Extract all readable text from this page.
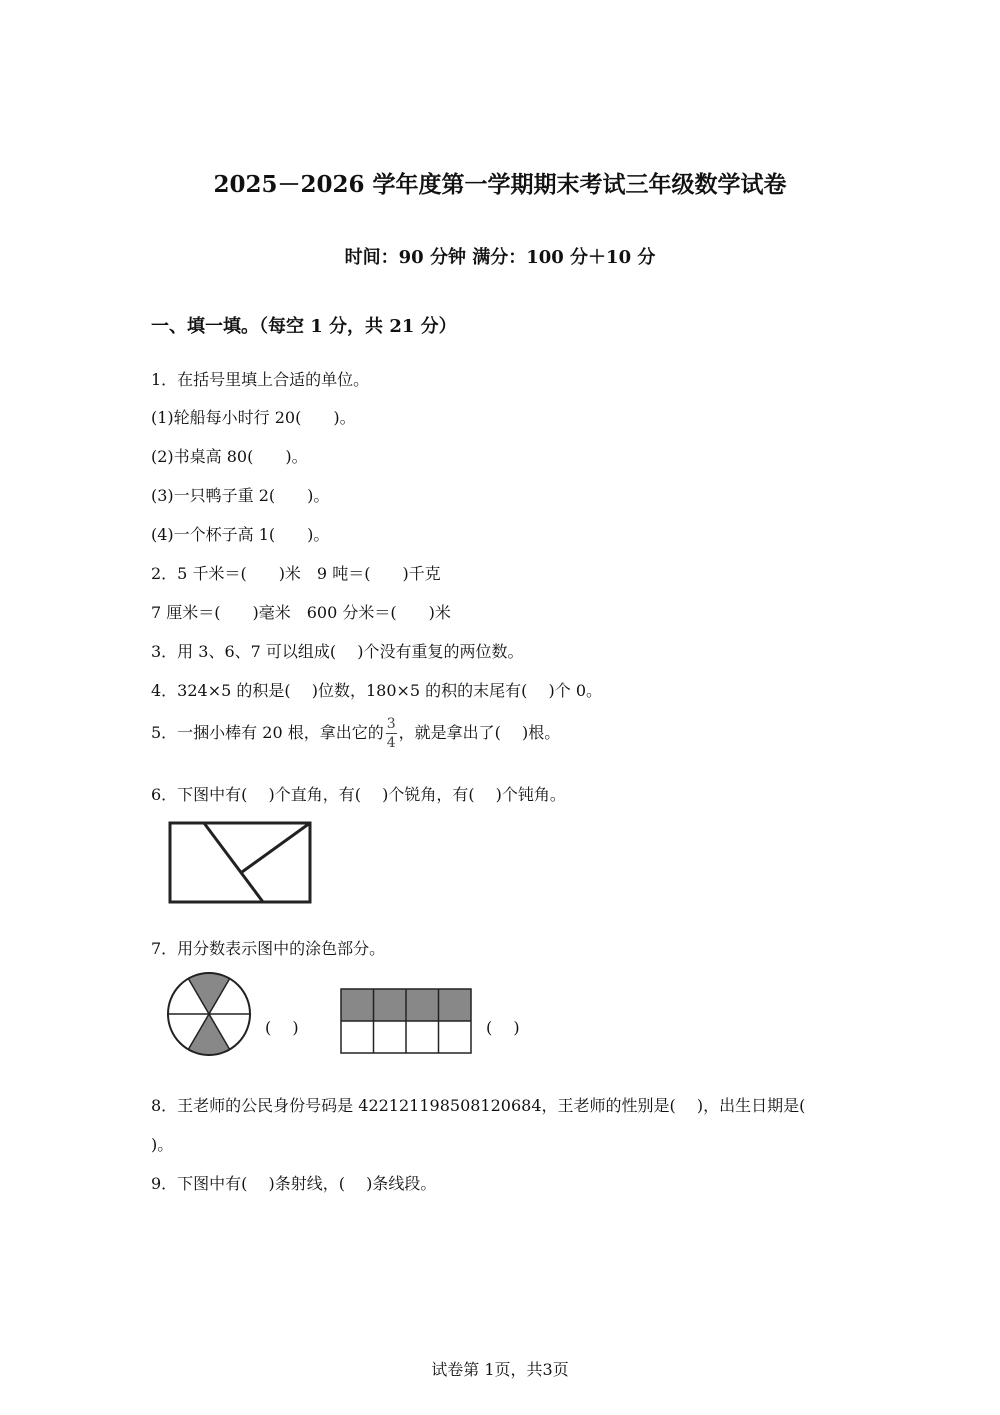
2025－2026 学年度第一学期期末考试三年级数学试卷
时间：90 分钟 满分：100 分＋10 分
一、填一填。（每空 1 分，共 21 分）
1．在括号里填上合适的单位。
(1)轮船每小时行 20(　　)。
(2)书桌高 80(　　)。
(3)一只鸭子重 2(　　)。
(4)一个杯子高 1(　　)。
2．5 千米＝(　　)米　9 吨＝(　　)千克
7 厘米＝(　　)毫米　600 分米＝(　　)米
3．用 3、6、7 可以组成(　 )个没有重复的两位数。
4．324×5 的积是(　 )位数，180×5 的积的末尾有(　 )个 0。
5．一捆小棒有 20 根，拿出它的 $\frac{3}{4}$ ，就是拿出了(　 )根。
6．下图中有(　 )个直角，有(　 )个锐角，有(　 )个钝角。
7．用分数表示图中的涂色部分。
(　 )	(　 )
8．王老师的公民身份号码是 422121198508120684，王老师的性别是(　 )，出生日期是(
)。
9．下图中有(　 )条射线，(　 )条线段。
试卷第 1页，共3页
